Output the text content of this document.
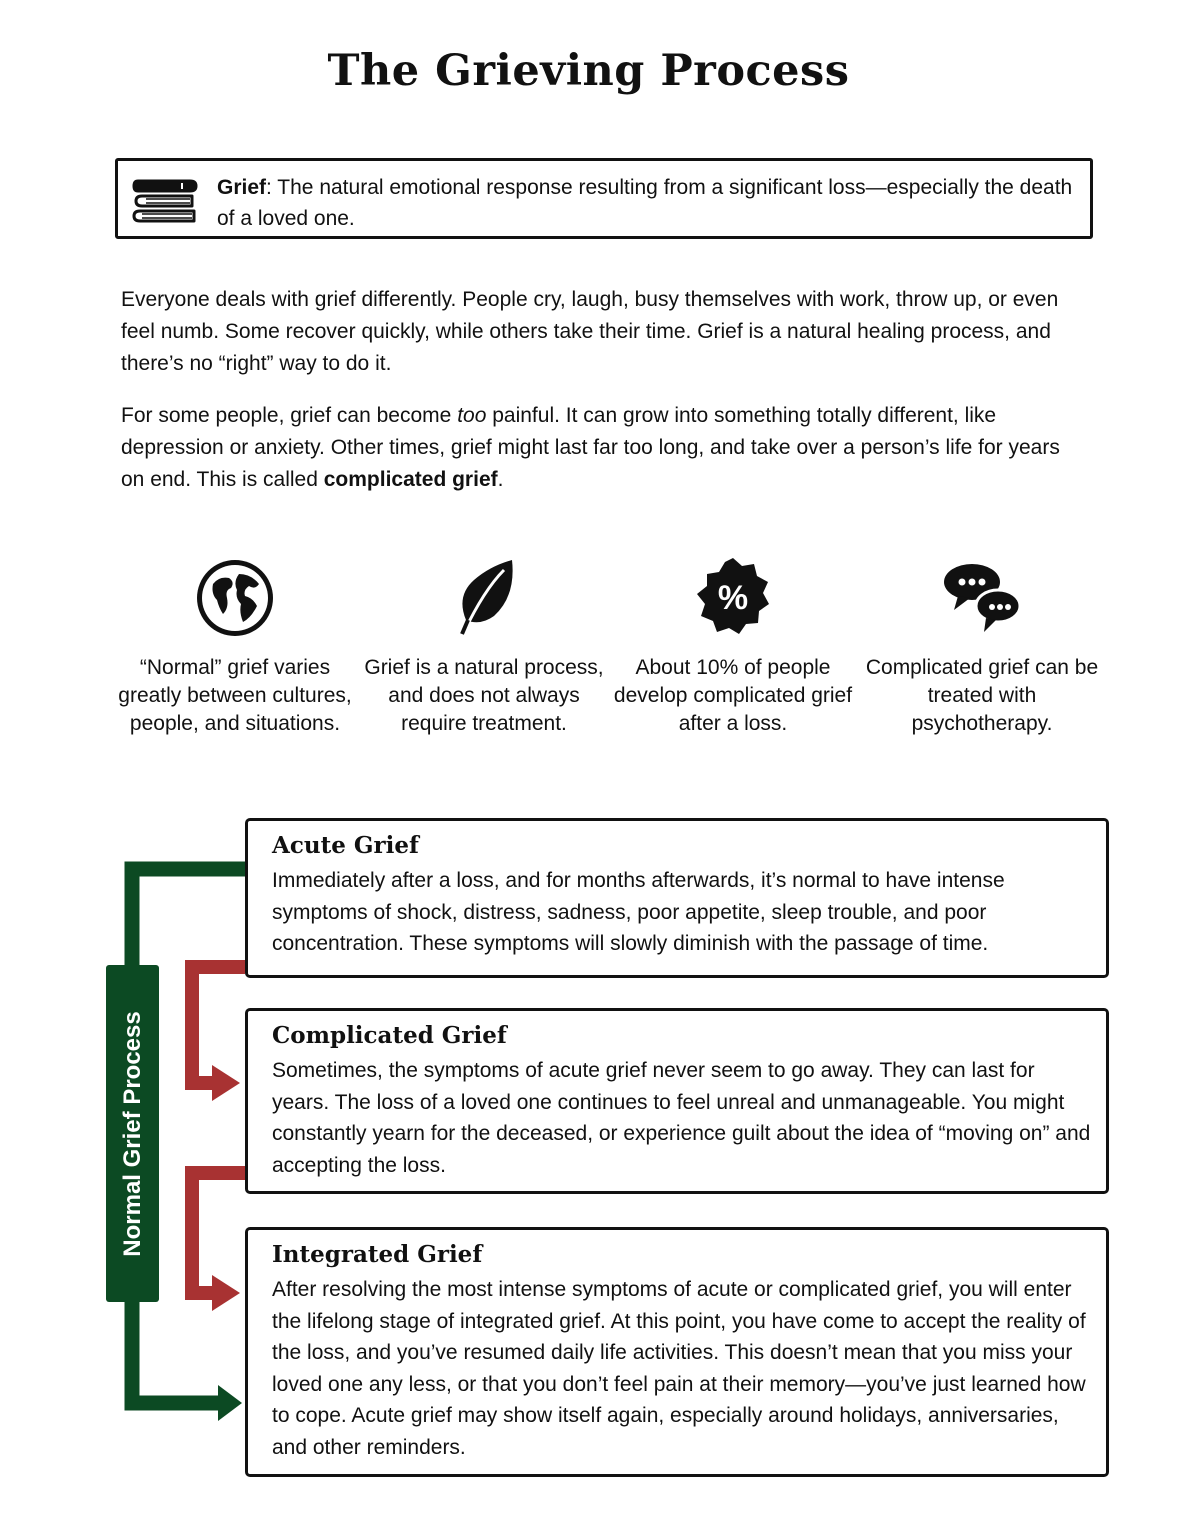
The Grieving Process
Grief: The natural emotional response resulting from a significant loss—especially the death of a loved one.

Everyone deals with grief differently. People cry, laugh, busy themselves with work, throw up, or even feel numb. Some recover quickly, while others take their time. Grief is a natural healing process, and there’s no “right” way to do it.

For some people, grief can become too painful. It can grow into something totally different, like depression or anxiety. Other times, grief might last far too long, and take over a person’s life for years on end. This is called complicated grief.

“Normal” grief varies greatly between cultures, people, and situations.
Grief is a natural process, and does not always require treatment.
%
About 10% of people develop complicated grief after a loss.
Complicated grief can be treated with psychotherapy.
Normal Grief Process
Acute Grief

Immediately after a loss, and for months afterwards, it’s normal to have intense symptoms of shock, distress, sadness, poor appetite, sleep trouble, and poor concentration. These symptoms will slowly diminish with the passage of time.

Complicated Grief

Sometimes, the symptoms of acute grief never seem to go away. They can last for years. The loss of a loved one continues to feel unreal and unmanageable. You might constantly yearn for the deceased, or experience guilt about the idea of “moving on” and accepting the loss.

Integrated Grief

After resolving the most intense symptoms of acute or complicated grief, you will enter the lifelong stage of integrated grief. At this point, you have come to accept the reality of the loss, and you’ve resumed daily life activities. This doesn’t mean that you miss your loved one any less, or that you don’t feel pain at their memory—you’ve just learned how to cope. Acute grief may show itself again, especially around holidays, anniversaries, and other reminders.
